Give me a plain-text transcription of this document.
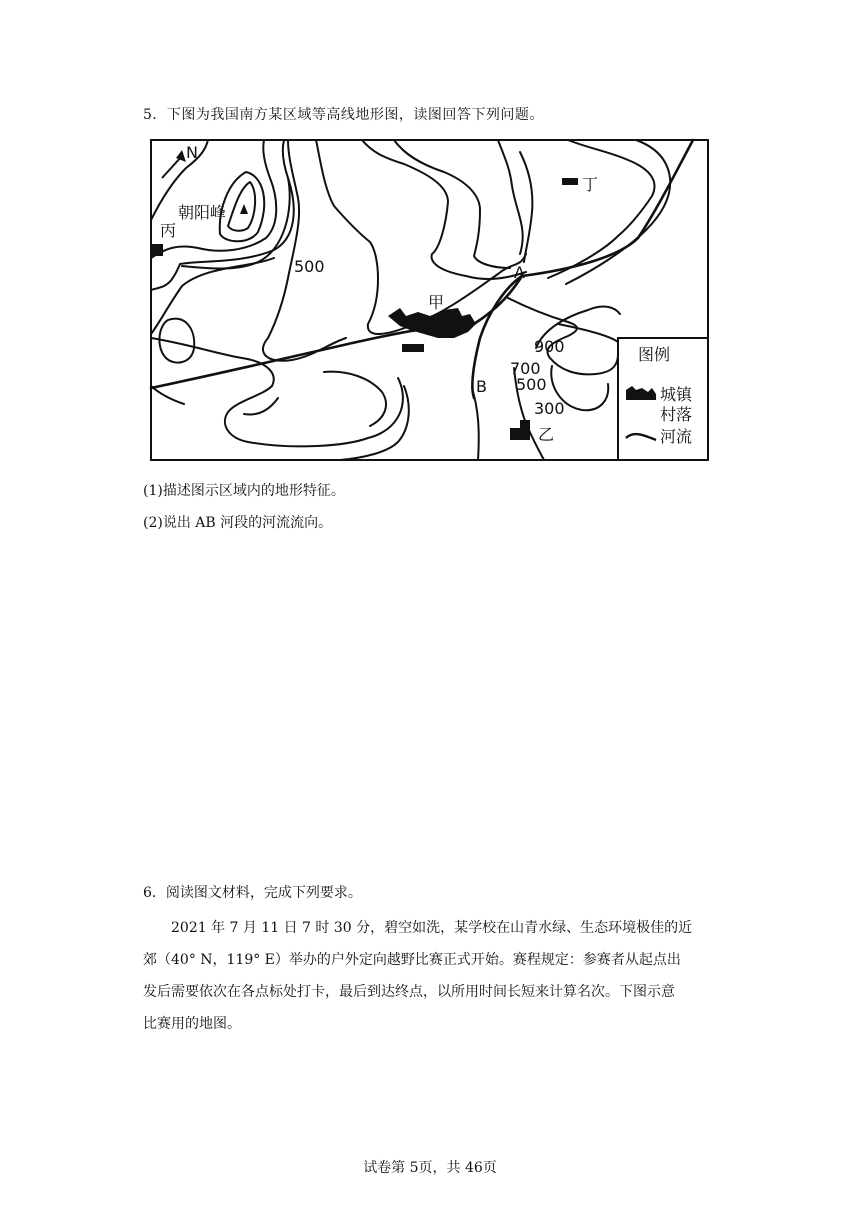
5．下图为我国南方某区域等高线地形图，读图回答下列问题。
N
朝阳峰
丙
丁
甲
乙
A
B
500
900
700
500
300
图例
城镇
村落
河流
(1)描述图示区域内的地形特征。
(2)说出 AB 河段的河流流向。
6．阅读图文材料，完成下列要求。
　　2021 年 7 月 11 日 7 时 30 分，碧空如洗，某学校在山青水绿、生态环境极佳的近
郊（40° N，119° E）举办的户外定向越野比赛正式开始。赛程规定：参赛者从起点出
发后需要依次在各点标处打卡，最后到达终点，以所用时间长短来计算名次。下图示意
比赛用的地图。
试卷第 5页，共 46页
